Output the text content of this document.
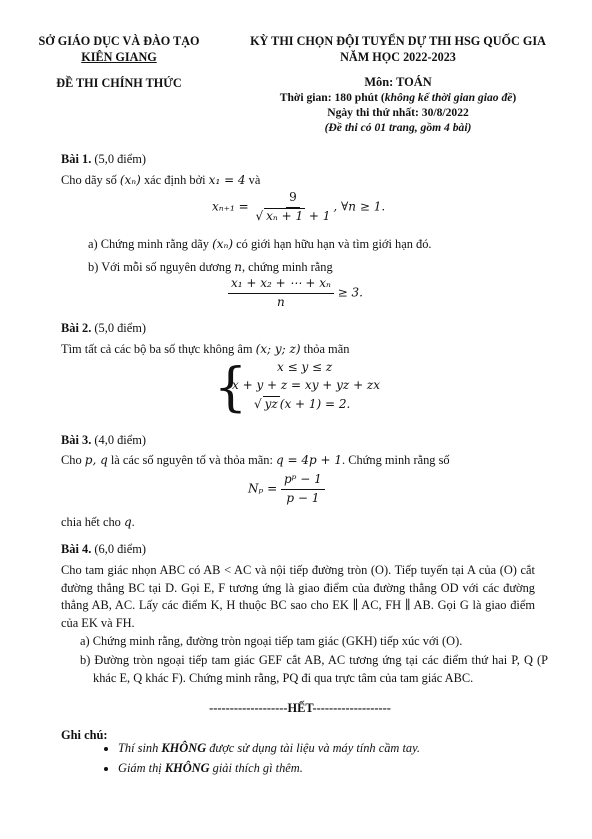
SỞ GIÁO DỤC VÀ ĐÀO TẠO
KIÊN GIANG
ĐỀ THI CHÍNH THỨC
KỲ THI CHỌN ĐỘI TUYỂN DỰ THI HSG QUỐC GIA
NĂM HỌC 2022-2023
Môn: TOÁN
Thời gian: 180 phút (không kể thời gian giao đề)
Ngày thi thứ nhất: 30/8/2022
(Đề thi có 01 trang, gồm 4 bài)
Bài 1. (5,0 điểm)
Cho dãy số (xₙ) xác định bởi x₁ = 4 và
$x_{n+1} = \frac{9}{\text{√ xₙ + 1 + 1}}$ , ∀n ≥ 1.
a) Chứng minh rằng dãy (xₙ) có giới hạn hữu hạn và tìm giới hạn đó.
b) Với mỗi số nguyên dương n, chứng minh rằng
$\frac{\text{x₁ + x₂ + ⋯ + xₙ}}{n} \ge 3$.
Bài 2. (5,0 điểm)
Tìm tất cả các bộ ba số thực không âm (x; y; z) thỏa mãn
{ x ≤ y ≤ z
x + y + z = xy + yz + zx
√ yz (x + 1) = 2.
Bài 3. (4,0 điểm)
Cho p, q là các số nguyên tố và thỏa mãn: q = 4p + 1. Chứng minh rằng số
$N_p = \frac{\text{pᵖ − 1}}{p - 1}$
chia hết cho q.
Bài 4. (6,0 điểm)
Cho tam giác nhọn ABC có AB < AC và nội tiếp đường tròn (O). Tiếp tuyến tại A của (O) cắt đường thẳng BC tại D. Gọi E, F tương ứng là giao điểm của đường thẳng OD với các đường thẳng AB, AC. Lấy các điểm K, H thuộc BC sao cho EK ∥ AC, FH ∥ AB. Gọi G là giao điểm của EK và FH.
a) Chứng minh rằng, đường tròn ngoại tiếp tam giác (GKH) tiếp xúc với (O).
b) Đường tròn ngoại tiếp tam giác GEF cắt AB, AC tương ứng tại các điểm thứ hai P, Q (P khác E, Q khác F). Chứng minh rằng, PQ đi qua trực tâm của tam giác ABC.
-------------------HẾT-------------------
Ghi chú:
• Thí sinh KHÔNG được sử dụng tài liệu và máy tính cầm tay.
• Giám thị KHÔNG giải thích gì thêm.
